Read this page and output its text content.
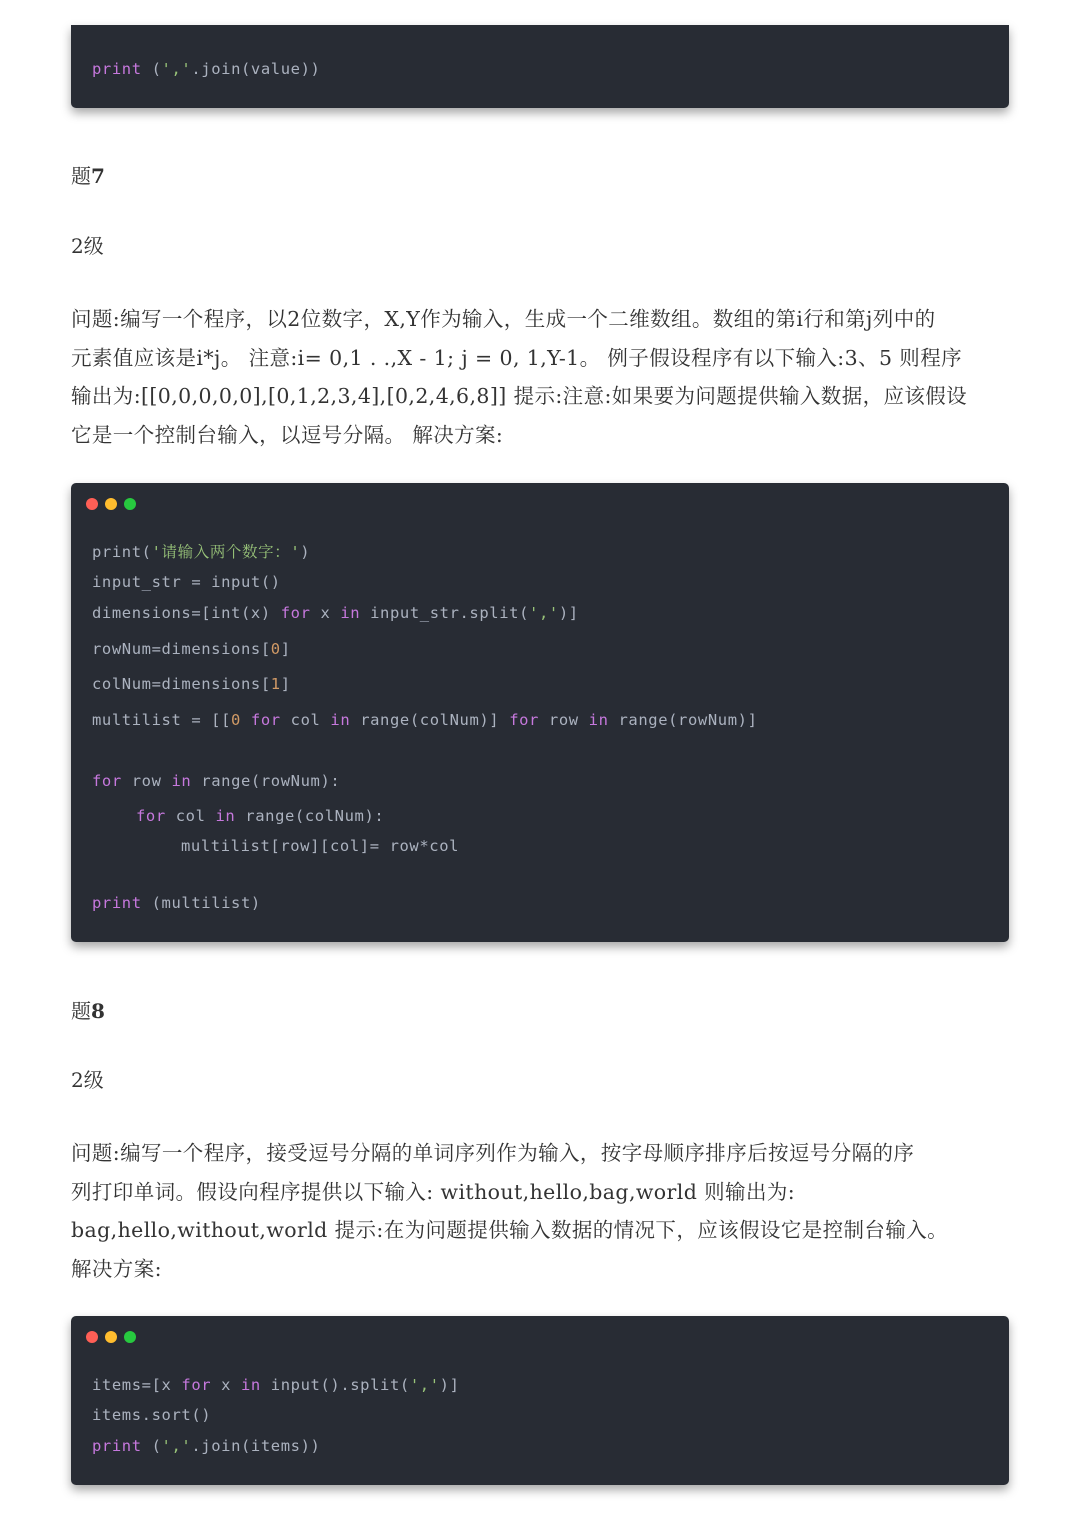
print (','.join(value))
题7
2级
问题:编写一个程序，以2位数字，X,Y作为输入，生成一个二维数组。数组的第i行和第j列中的
元素值应该是i*j。 注意:i= 0,1 . .,X - 1; j = 0, 1,Y-1。 例子假设程序有以下输入:3、5 则程序
输出为:[[0,0,0,0,0],[0,1,2,3,4],[0,2,4,6,8]] 提示:注意:如果要为问题提供输入数据，应该假设
它是一个控制台输入，以逗号分隔。 解决方案:
print('请输入两个数字：')
input_str = input()
dimensions=[int(x) for x in input_str.split(',')]
rowNum=dimensions[0]
colNum=dimensions[1]
multilist = [[0 for col in range(colNum)] for row in range(rowNum)]
for row in range(rowNum):
for col in range(colNum):
multilist[row][col]= row*col
print (multilist)
题8
2级
问题:编写一个程序，接受逗号分隔的单词序列作为输入，按字母顺序排序后按逗号分隔的序
列打印单词。假设向程序提供以下输入: without,hello,bag,world 则输出为:
bag,hello,without,world 提示:在为问题提供输入数据的情况下，应该假设它是控制台输入。
解决方案:
items=[x for x in input().split(',')]
items.sort()
print (','.join(items))
